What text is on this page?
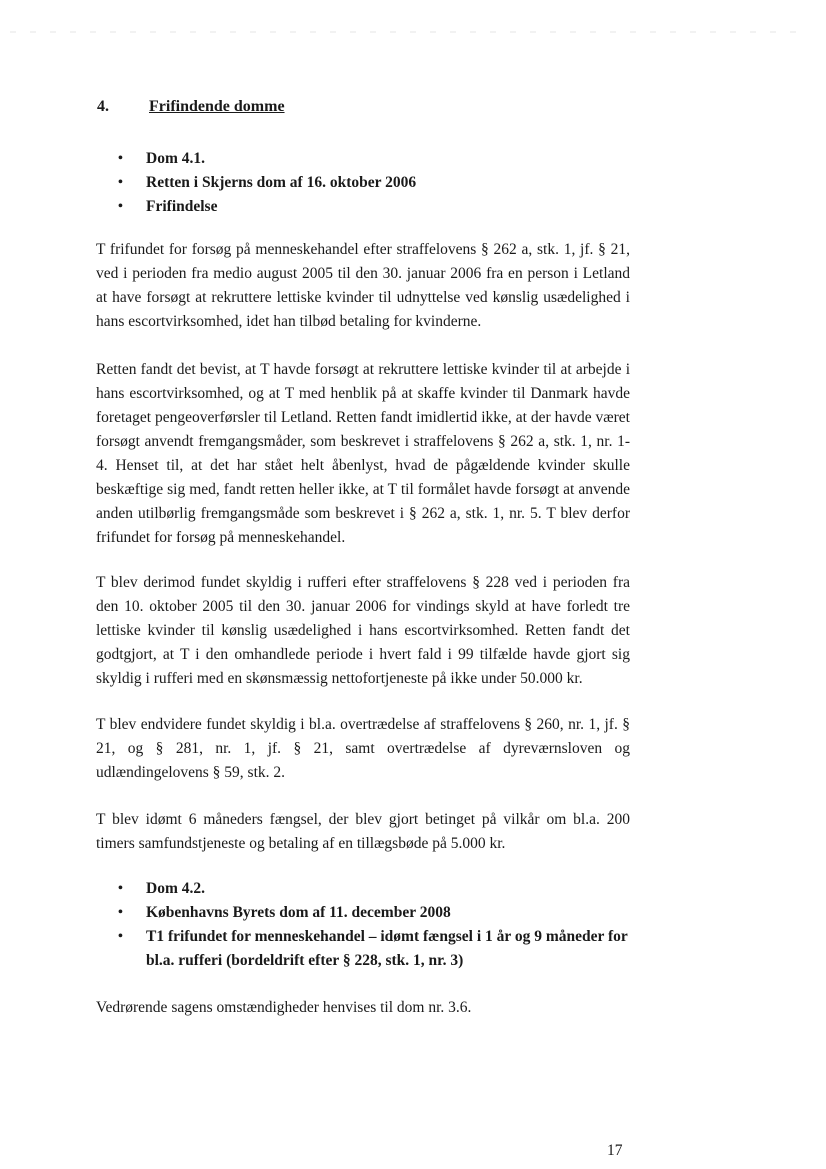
4.	Frifindende domme
•	Dom 4.1.
•	Retten i Skjerns dom af 16. oktober 2006
•	Frifindelse

T frifundet for forsøg på menneskehandel efter straffelovens § 262 a, stk. 1, jf. § 21, ved i perioden fra medio august 2005 til den 30. januar 2006 fra en person i Letland at have forsøgt at rekruttere lettiske kvinder til udnyttelse ved kønslig usædelighed i hans escortvirksomhed, idet han tilbød betaling for kvinderne.

Retten fandt det bevist, at T havde forsøgt at rekruttere lettiske kvinder til at arbejde i hans escortvirksomhed, og at T med henblik på at skaffe kvinder til Danmark havde foretaget pengeoverførsler til Letland. Retten fandt imidlertid ikke, at der havde været forsøgt anvendt fremgangsmåder, som beskrevet i straffelovens § 262 a, stk. 1, nr. 1-4. Henset til, at det har stået helt åbenlyst, hvad de pågældende kvinder skulle beskæftige sig med, fandt retten heller ikke, at T til formålet havde forsøgt at anvende anden utilbørlig fremgangsmåde som beskrevet i § 262 a, stk. 1, nr. 5. T blev derfor frifundet for forsøg på menneskehandel.

T blev derimod fundet skyldig i rufferi efter straffelovens § 228 ved i perioden fra den 10. oktober 2005 til den 30. januar 2006 for vindings skyld at have forledt tre lettiske kvinder til kønslig usædelighed i hans escortvirksomhed. Retten fandt det godtgjort, at T i den omhandlede periode i hvert fald i 99 tilfælde havde gjort sig skyldig i rufferi med en skønsmæssig nettofortjeneste på ikke under 50.000 kr.

T blev endvidere fundet skyldig i bl.a. overtrædelse af straffelovens § 260, nr. 1, jf. § 21, og § 281, nr. 1, jf. § 21, samt overtrædelse af dyreværnsloven og udlændingelovens § 59, stk. 2.

T blev idømt 6 måneders fængsel, der blev gjort betinget på vilkår om bl.a. 200 timers samfundstjeneste og betaling af en tillægsbøde på 5.000 kr.

•	Dom 4.2.
•	Københavns Byrets dom af 11. december 2008
•	T1 frifundet for menneskehandel – idømt fængsel i 1 år og 9 måneder for bl.a. rufferi (bordeldrift efter § 228, stk. 1, nr. 3)

Vedrørende sagens omstændigheder henvises til dom nr. 3.6.

17
